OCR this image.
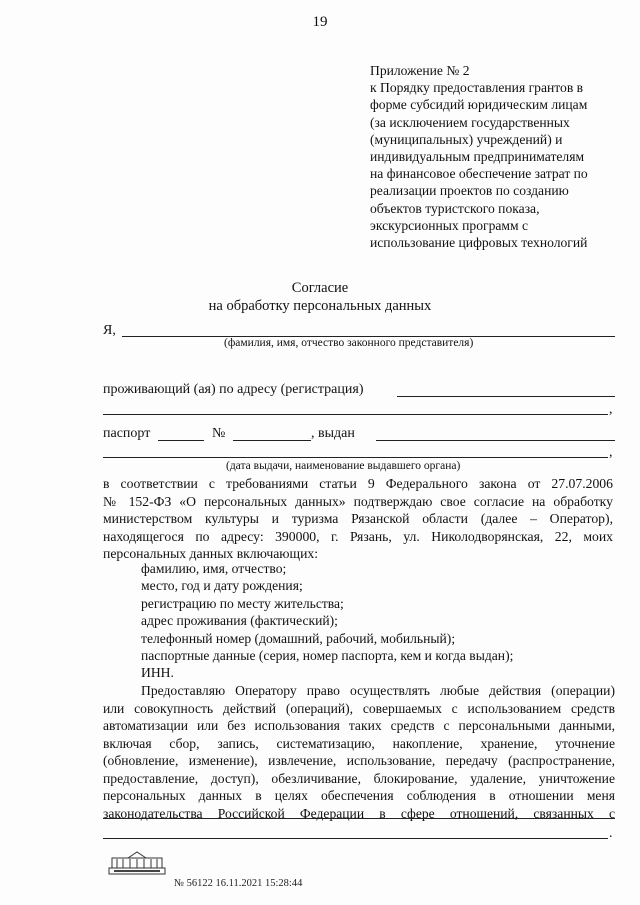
19
Приложение № 2
к Порядку предоставления грантов в
форме субсидий юридическим лицам
(за исключением государственных
(муниципальных) учреждений) и
индивидуальным предпринимателям
на финансовое обеспечение затрат по
реализации проектов по созданию
объектов туристского показа,
экскурсионных программ с
использование цифровых технологий
Согласие
на обработку персональных данных
Я,
(фамилия, имя, отчество законного представителя)
проживающий (ая) по адресу (регистрация)
,
паспорт	№	, выдан
,
(дата выдачи, наименование выдавшего органа)
в соответствии с требованиями статьи 9 Федерального закона от 27.07.2006
№ 152-ФЗ «О персональных данных» подтверждаю свое согласие на обработку
министерством культуры и туризма Рязанской области (далее – Оператор),
находящегося по адресу: 390000, г. Рязань, ул. Николодворянская, 22, моих
персональных данных включающих:
фамилию, имя, отчество;
место, год и дату рождения;
регистрацию по месту жительства;
адрес проживания (фактический);
телефонный номер (домашний, рабочий, мобильный);
паспортные данные (серия, номер паспорта, кем и когда выдан);
ИНН.
Предоставляю Оператору право осуществлять любые действия (операции)
или совокупность действий (операций), совершаемых с использованием средств
автоматизации или без использования таких средств с персональными данными,
включая сбор, запись, систематизацию, накопление, хранение, уточнение
(обновление, изменение), извлечение, использование, передачу (распространение,
предоставление, доступ), обезличивание, блокирование, удаление, уничтожение
персональных данных в целях обеспечения соблюдения в отношении меня
законодательства Российской Федерации в сфере отношений, связанных с
.
№ 56122 16.11.2021 15:28:44
